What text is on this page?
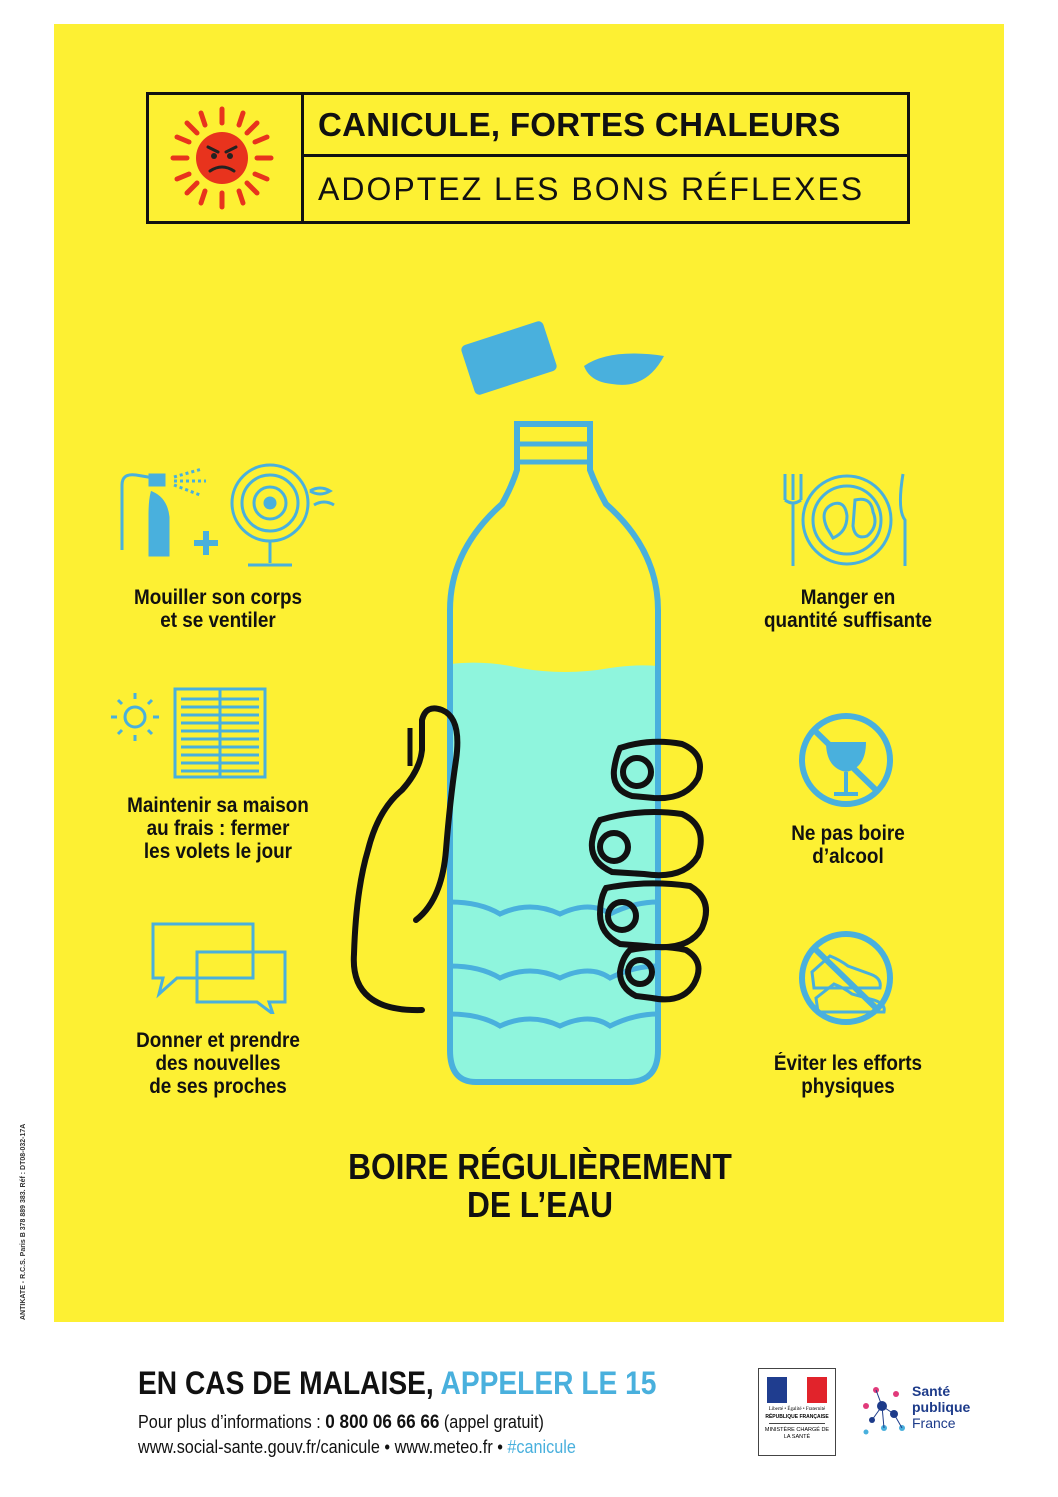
CANICULE, FORTES CHALEURS
ADOPTEZ LES BONS RÉFLEXES
Mouiller son corps
et se ventiler
Maintenir sa maison
au frais : fermer
les volets le jour
Donner et prendre
des nouvelles
de ses proches
Manger en
quantité suffisante
Ne pas boire
d’alcool
Éviter les efforts
physiques
BOIRE RÉGULIÈREMENT
DE L’EAU
ANTIKATE - R.C.S. Paris B 378 889 383. Réf : DT08-032-17A
EN CAS DE MALAISE, APPELER LE 15
Pour plus d’informations : 0 800 06 66 66 (appel gratuit)
www.social-sante.gouv.fr/canicule • www.meteo.fr • #canicule
Liberté • Égalité • Fraternité
RÉPUBLIQUE FRANÇAISE
MINISTÈRE CHARGÉ DE LA SANTÉ
Santé
publique
France
